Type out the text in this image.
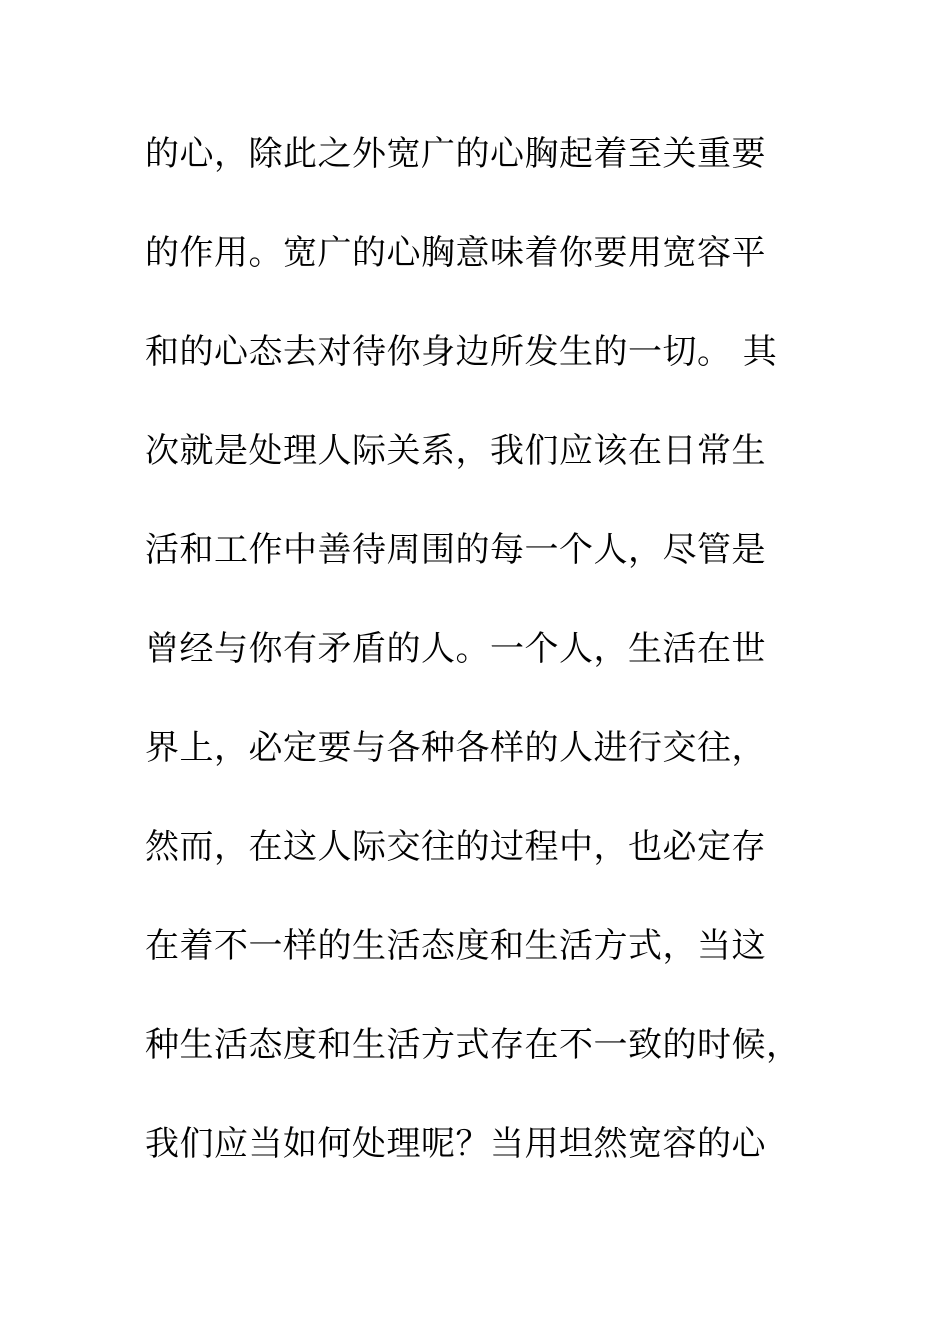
的心，除此之外宽广的心胸起着至关重要
的作用。宽广的心胸意味着你要用宽容平
和的心态去对待你身边所发生的一切。 其
次就是处理人际关系，我们应该在日常生
活和工作中善待周围的每一个人，尽管是
曾经与你有矛盾的人。一个人，生活在世
界上，必定要与各种各样的人进行交往，
然而，在这人际交往的过程中，也必定存
在着不一样的生活态度和生活方式，当这
种生活态度和生活方式存在不一致的时候，
我们应当如何处理呢？当用坦然宽容的心
